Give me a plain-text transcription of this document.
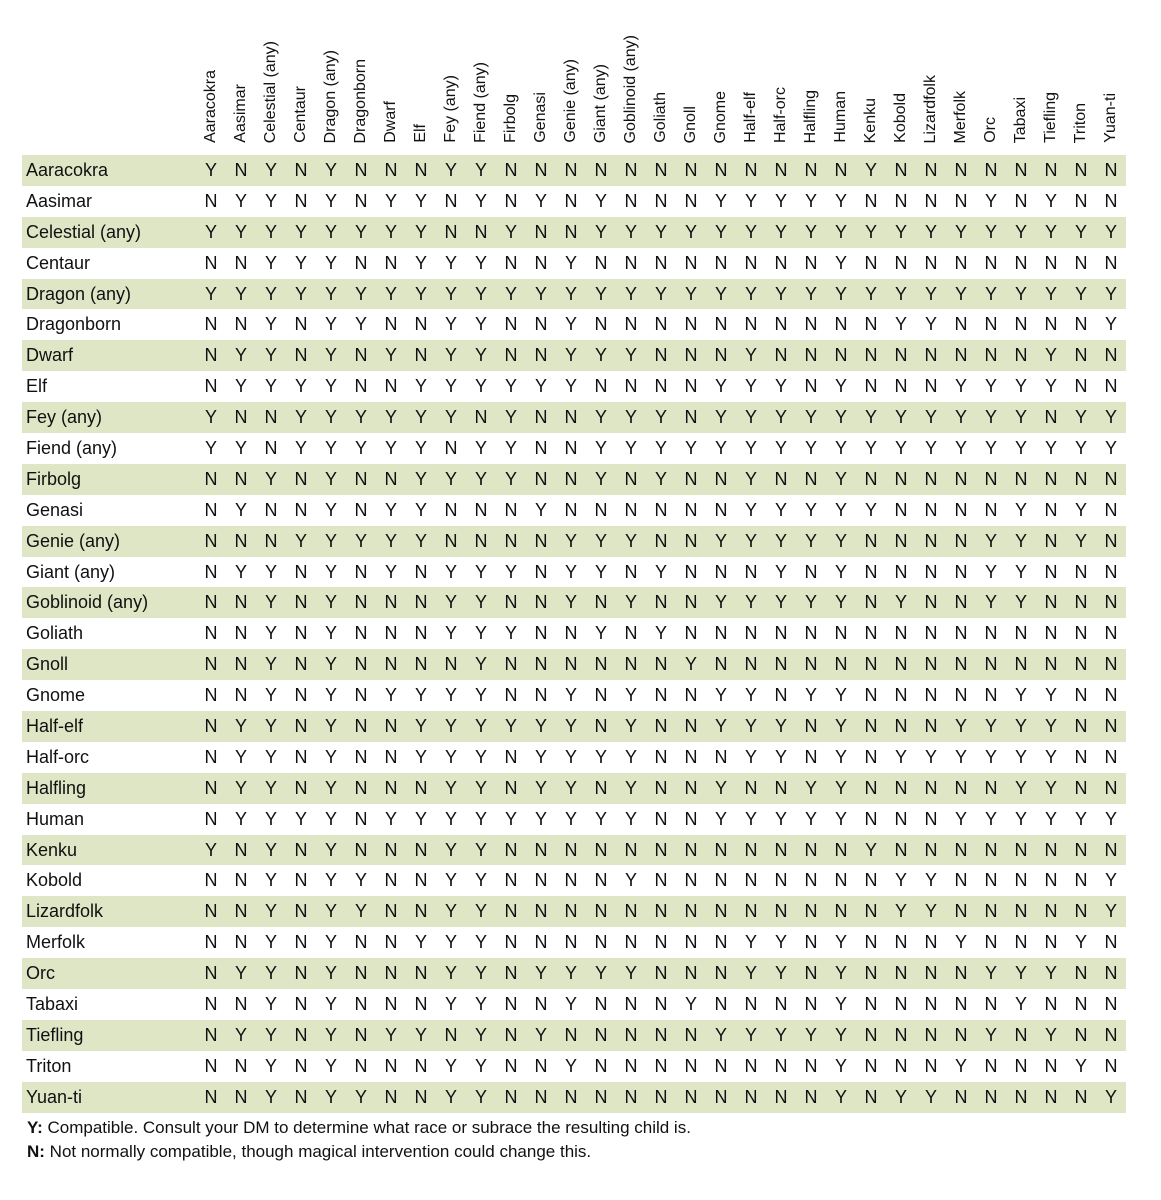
	Aaracokra	Aasimar	Celestial (any)	Centaur	Dragon (any)	Dragonborn	Dwarf	Elf	Fey (any)	Fiend (any)	Firbolg	Genasi	Genie (any)	Giant (any)	Goblinoid (any)	Goliath	Gnoll	Gnome	Half-elf	Half-orc	Halfling	Human	Kenku	Kobold	Lizardfolk	Merfolk	Orc	Tabaxi	Tiefling	Triton	Yuan-ti

Aaracokra	Y	N	Y	N	Y	N	N	N	Y	Y	N	N	N	N	N	N	N	N	N	N	N	N	Y	N	N	N	N	N	N	N	N
Aasimar	N	Y	Y	N	Y	N	Y	Y	N	Y	N	Y	N	Y	N	N	N	Y	Y	Y	Y	Y	N	N	N	N	Y	N	Y	N	N
Celestial (any)	Y	Y	Y	Y	Y	Y	Y	Y	N	N	Y	N	N	Y	Y	Y	Y	Y	Y	Y	Y	Y	Y	Y	Y	Y	Y	Y	Y	Y	Y
Centaur	N	N	Y	Y	Y	N	N	Y	Y	Y	N	N	Y	N	N	N	N	N	N	N	N	Y	N	N	N	N	N	N	N	N	N
Dragon (any)	Y	Y	Y	Y	Y	Y	Y	Y	Y	Y	Y	Y	Y	Y	Y	Y	Y	Y	Y	Y	Y	Y	Y	Y	Y	Y	Y	Y	Y	Y	Y
Dragonborn	N	N	Y	N	Y	Y	N	N	Y	Y	N	N	Y	N	N	N	N	N	N	N	N	N	N	Y	Y	N	N	N	N	N	Y
Dwarf	N	Y	Y	N	Y	N	Y	N	Y	Y	N	N	Y	Y	Y	N	N	N	Y	N	N	N	N	N	N	N	N	N	Y	N	N
Elf	N	Y	Y	Y	Y	N	N	Y	Y	Y	Y	Y	Y	N	N	N	N	Y	Y	Y	N	Y	N	N	N	Y	Y	Y	Y	N	N
Fey (any)	Y	N	N	Y	Y	Y	Y	Y	Y	N	Y	N	N	Y	Y	Y	N	Y	Y	Y	Y	Y	Y	Y	Y	Y	Y	Y	N	Y	Y
Fiend (any)	Y	Y	N	Y	Y	Y	Y	Y	N	Y	Y	N	N	Y	Y	Y	Y	Y	Y	Y	Y	Y	Y	Y	Y	Y	Y	Y	Y	Y	Y
Firbolg	N	N	Y	N	Y	N	N	Y	Y	Y	Y	N	N	Y	N	Y	N	N	Y	N	N	Y	N	N	N	N	N	N	N	N	N
Genasi	N	Y	N	N	Y	N	Y	Y	N	N	N	Y	N	N	N	N	N	N	Y	Y	Y	Y	Y	N	N	N	N	Y	N	Y	N
Genie (any)	N	N	N	Y	Y	Y	Y	Y	N	N	N	N	Y	Y	Y	N	N	Y	Y	Y	Y	Y	N	N	N	N	Y	Y	N	Y	N
Giant (any)	N	Y	Y	N	Y	N	Y	N	Y	Y	Y	N	Y	Y	N	Y	N	N	N	Y	N	Y	N	N	N	N	Y	Y	N	N	N
Goblinoid (any)	N	N	Y	N	Y	N	N	N	Y	Y	N	N	Y	N	Y	N	N	Y	Y	Y	Y	Y	N	Y	N	N	Y	Y	N	N	N
Goliath	N	N	Y	N	Y	N	N	N	Y	Y	Y	N	N	Y	N	Y	N	N	N	N	N	N	N	N	N	N	N	N	N	N	N
Gnoll	N	N	Y	N	Y	N	N	N	N	Y	N	N	N	N	N	N	Y	N	N	N	N	N	N	N	N	N	N	N	N	N	N
Gnome	N	N	Y	N	Y	N	Y	Y	Y	Y	N	N	Y	N	Y	N	N	Y	Y	N	Y	Y	N	N	N	N	N	Y	Y	N	N
Half-elf	N	Y	Y	N	Y	N	N	Y	Y	Y	Y	Y	Y	N	Y	N	N	Y	Y	Y	N	Y	N	N	N	Y	Y	Y	Y	N	N
Half-orc	N	Y	Y	N	Y	N	N	Y	Y	Y	N	Y	Y	Y	Y	N	N	N	Y	Y	N	Y	N	Y	Y	Y	Y	Y	Y	N	N
Halfling	N	Y	Y	N	Y	N	N	N	Y	Y	N	Y	Y	N	Y	N	N	Y	N	N	Y	Y	N	N	N	N	N	Y	Y	N	N
Human	N	Y	Y	Y	Y	N	Y	Y	Y	Y	Y	Y	Y	Y	Y	N	N	Y	Y	Y	Y	Y	N	N	N	Y	Y	Y	Y	Y	Y
Kenku	Y	N	Y	N	Y	N	N	N	Y	Y	N	N	N	N	N	N	N	N	N	N	N	N	Y	N	N	N	N	N	N	N	N
Kobold	N	N	Y	N	Y	Y	N	N	Y	Y	N	N	N	N	Y	N	N	N	N	N	N	N	N	Y	Y	N	N	N	N	N	Y
Lizardfolk	N	N	Y	N	Y	Y	N	N	Y	Y	N	N	N	N	N	N	N	N	N	N	N	N	N	Y	Y	N	N	N	N	N	Y
Merfolk	N	N	Y	N	Y	N	N	Y	Y	Y	N	N	N	N	N	N	N	N	Y	Y	N	Y	N	N	N	Y	N	N	N	Y	N
Orc	N	Y	Y	N	Y	N	N	N	Y	Y	N	Y	Y	Y	Y	N	N	N	Y	Y	N	Y	N	N	N	N	Y	Y	Y	N	N
Tabaxi	N	N	Y	N	Y	N	N	N	Y	Y	N	N	Y	N	N	N	Y	N	N	N	N	Y	N	N	N	N	N	Y	N	N	N
Tiefling	N	Y	Y	N	Y	N	Y	Y	N	Y	N	Y	N	N	N	N	N	Y	Y	Y	Y	Y	N	N	N	N	Y	N	Y	N	N
Triton	N	N	Y	N	Y	N	N	N	Y	Y	N	N	Y	N	N	N	N	N	N	N	N	Y	N	N	N	Y	N	N	N	Y	N
Yuan-ti	N	N	Y	N	Y	Y	N	N	Y	Y	N	N	N	N	N	N	N	N	N	N	N	Y	N	Y	Y	N	N	N	N	N	Y
Y: Compatible. Consult your DM to determine what race or subrace the resulting child is.
N: Not normally compatible, though magical intervention could change this.
